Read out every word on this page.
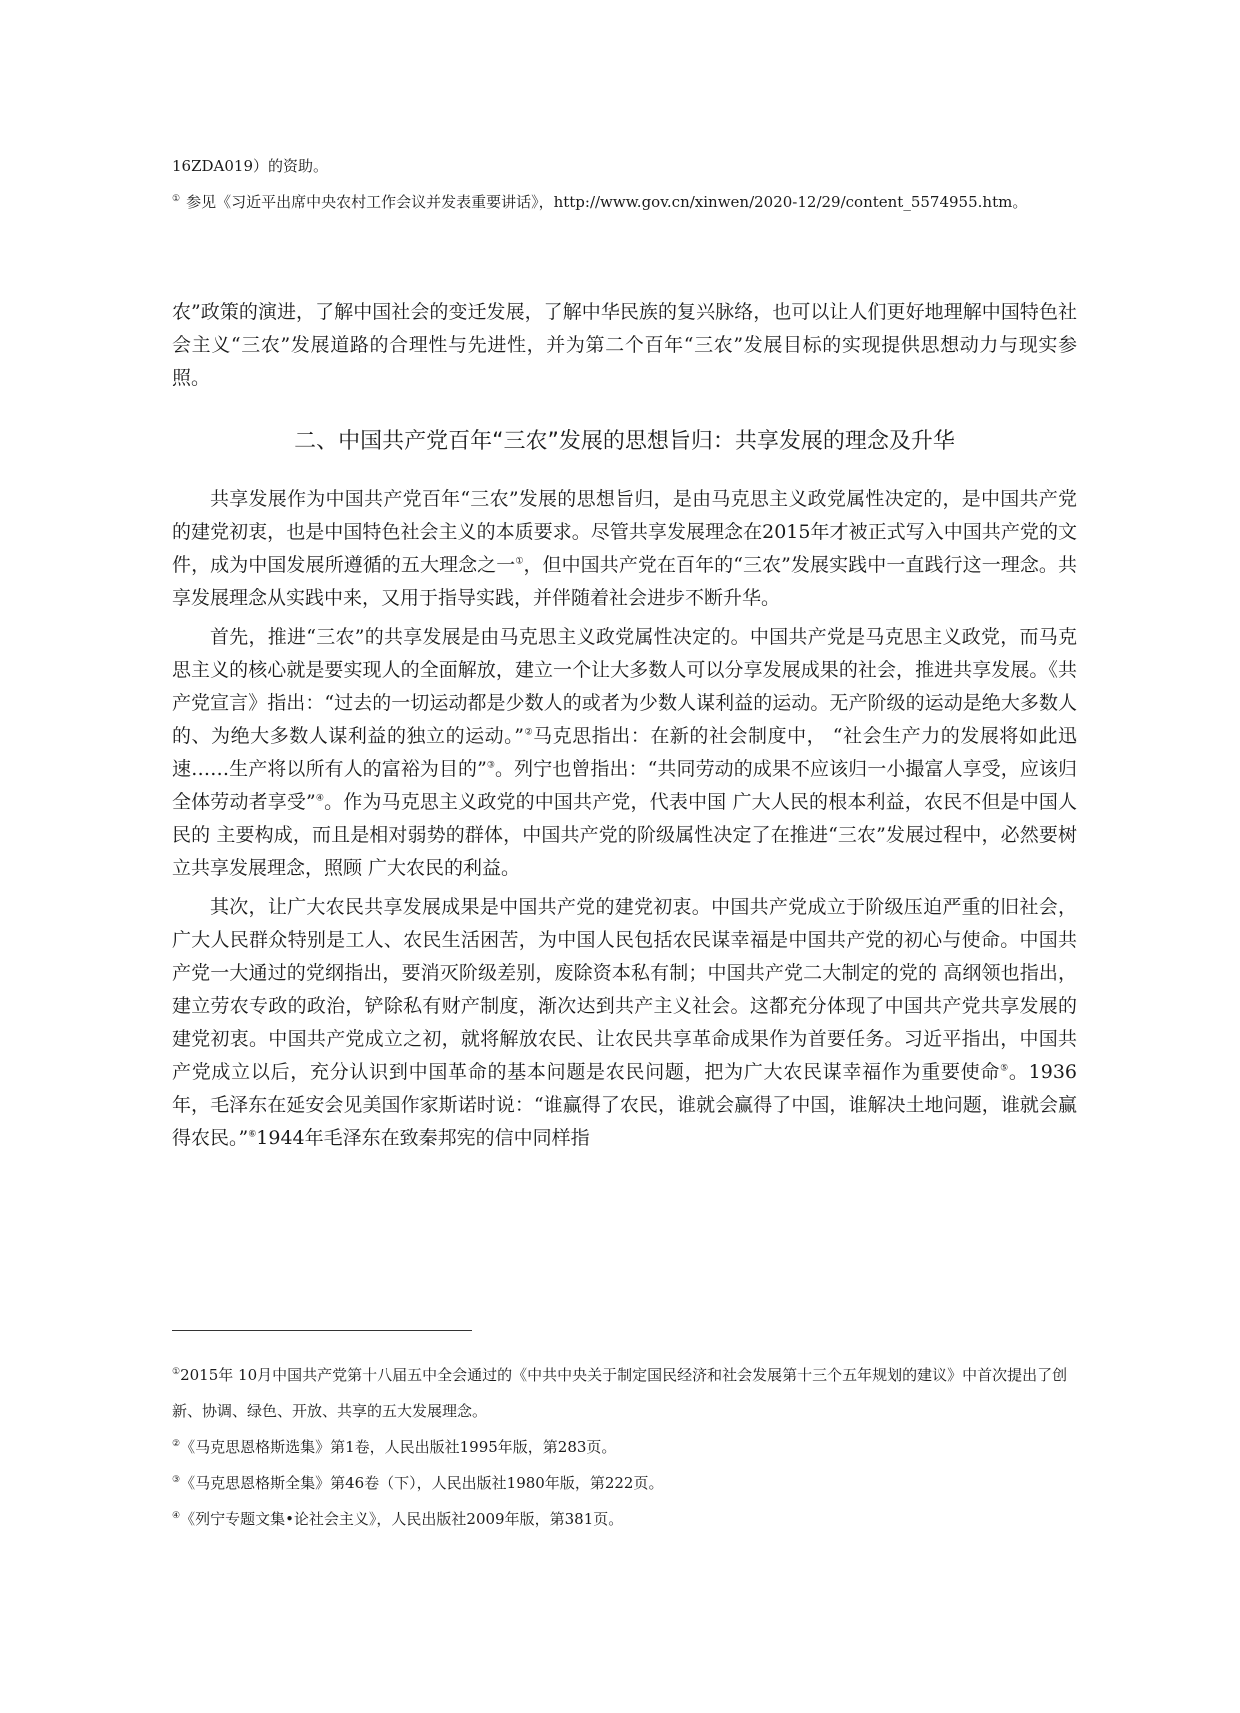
16ZDA019）的资助。

① 参见《习近平出席中央农村工作会议并发表重要讲话》，http://www.gov.cn/xinwen/2020-12/29/content_5574955.htm。

农”政策的演进，了解中国社会的变迁发展，了解中华民族的复兴脉络，也可以让人们更好地理解中国特色社会主义“三农”发展道路的合理性与先进性，并为第二个百年“三农”发展目标的实现提供思想动力与现实参照。

二、中国共产党百年“三农”发展的思想旨归：共享发展的理念及升华

共享发展作为中国共产党百年“三农”发展的思想旨归，是由马克思主义政党属性决定的，是中国共产党的建党初衷，也是中国特色社会主义的本质要求。尽管共享发展理念在2015年才被正式写入中国共产党的文件，成为中国发展所遵循的五大理念之一①，但中国共产党在百年的“三农”发展实践中一直践行这一理念。共享发展理念从实践中来，又用于指导实践，并伴随着社会进步不断升华。

首先，推进“三农”的共享发展是由马克思主义政党属性决定的。中国共产党是马克思主义政党，而马克思主义的核心就是要实现人的全面解放，建立一个让大多数人可以分享发展成果的社会，推进共享发展。《共产党宣言》指出：“过去的一切运动都是少数人的或者为少数人谋利益的运动。无产阶级的运动是绝大多数人的、为绝大多数人谋利益的独立的运动。”②马克思指出：在新的社会制度中， “社会生产力的发展将如此迅速……生产将以所有人的富裕为目的”③。列宁也曾指出：“共同劳动的成果不应该归一小撮富人享受，应该归全体劳动者享受”④。作为马克思主义政党的中国共产党，代表中国 广大人民的根本利益，农民不但是中国人民的 主要构成，而且是相对弱势的群体，中国共产党的阶级属性决定了在推进“三农”发展过程中，必然要树立共享发展理念，照顾 广大农民的利益。

其次，让广大农民共享发展成果是中国共产党的建党初衷。中国共产党成立于阶级压迫严重的旧社会，广大人民群众特别是工人、农民生活困苦，为中国人民包括农民谋幸福是中国共产党的初心与使命。中国共产党一大通过的党纲指出，要消灭阶级差别，废除资本私有制；中国共产党二大制定的党的 高纲领也指出，建立劳农专政的政治，铲除私有财产制度，渐次达到共产主义社会。这都充分体现了中国共产党共享发展的建党初衷。中国共产党成立之初，就将解放农民、让农民共享革命成果作为首要任务。习近平指出，中国共产党成立以后，充分认识到中国革命的基本问题是农民问题，把为广大农民谋幸福作为重要使命⑤。1936年，毛泽东在延安会见美国作家斯诺时说：“谁赢得了农民，谁就会赢得了中国，谁解决土地问题，谁就会赢得农民。”⑥1944年毛泽东在致秦邦宪的信中同样指

①2015年 10月中国共产党第十八届五中全会通过的《中共中央关于制定国民经济和社会发展第十三个五年规划的建议》中首次提出了创新、协调、绿色、开放、共享的五大发展理念。

②《马克思恩格斯选集》第1卷，人民出版社1995年版，第283页。

③《马克思恩格斯全集》第46卷（下），人民出版社1980年版，第222页。

④《列宁专题文集•论社会主义》，人民出版社2009年版，第381页。
